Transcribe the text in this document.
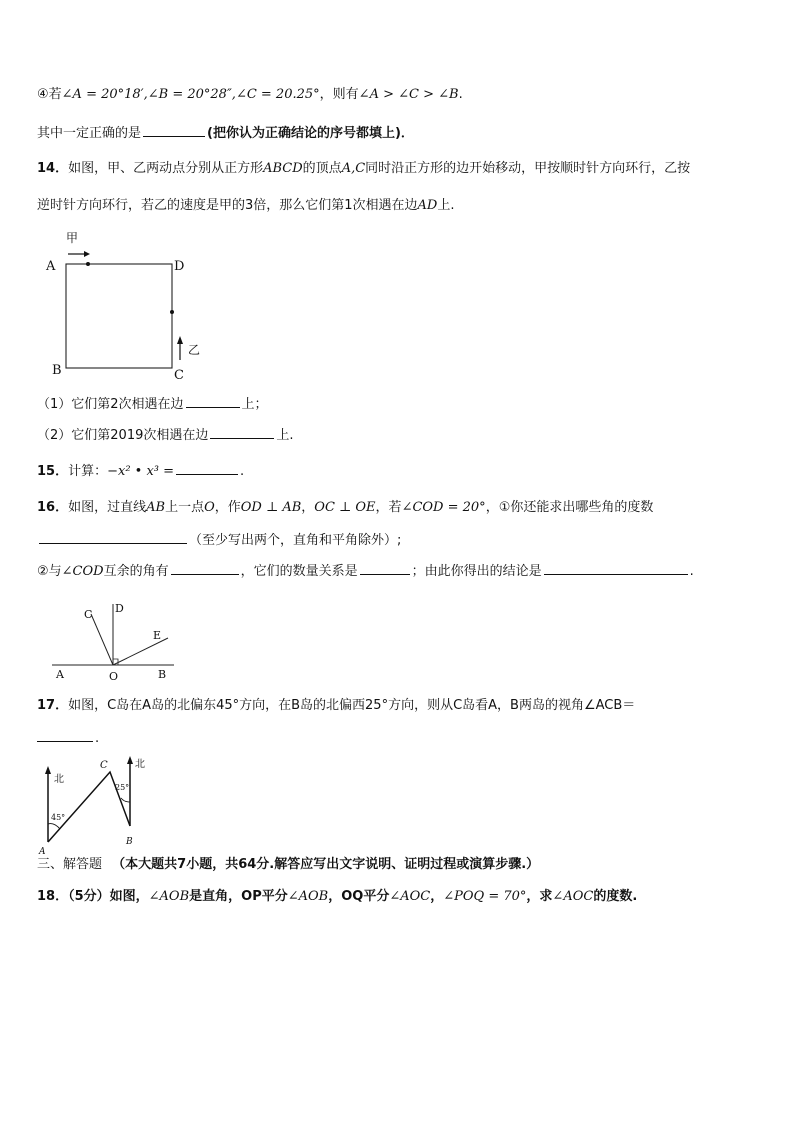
④若∠A = 20°18′,∠B = 20°28″,∠C = 20.25°，则有∠A > ∠C > ∠B.
其中一定正确的是	(把你认为正确结论的序号都填上)．
14．如图，甲、乙两动点分别从正方形ABCD的顶点A,C同时沿正方形的边开始移动，甲按顺时针方向环行，乙按
逆时针方向环行，若乙的速度是甲的3倍，那么它们第1次相遇在边AD上.
甲
A	D
B	C
乙
（1）它们第2次相遇在边	上；
（2）它们第2019次相遇在边	上.
15．计算：−x² • x³ =	.
16．如图，过直线AB上一点O，作OD ⊥ AB，OC ⊥ OE，若∠COD = 20°，①你还能求出哪些角的度数
（至少写出两个，直角和平角除外）;
②与∠COD互余的角有	，它们的数量关系是	；由此你得出的结论是	.
C D
E
A	O	B
17．如图，C岛在A岛的北偏东45°方向，在B岛的北偏西25°方向，则从C岛看A，B两岛的视角∠ACB＝
.
北
北
C
A
B
45°
25°
三、解答题 （本大题共7小题，共64分.解答应写出文字说明、证明过程或演算步骤.）
18．（5分）如图，∠AOB是直角，OP平分∠AOB，OQ平分∠AOC，∠POQ = 70°，求∠AOC的度数.
